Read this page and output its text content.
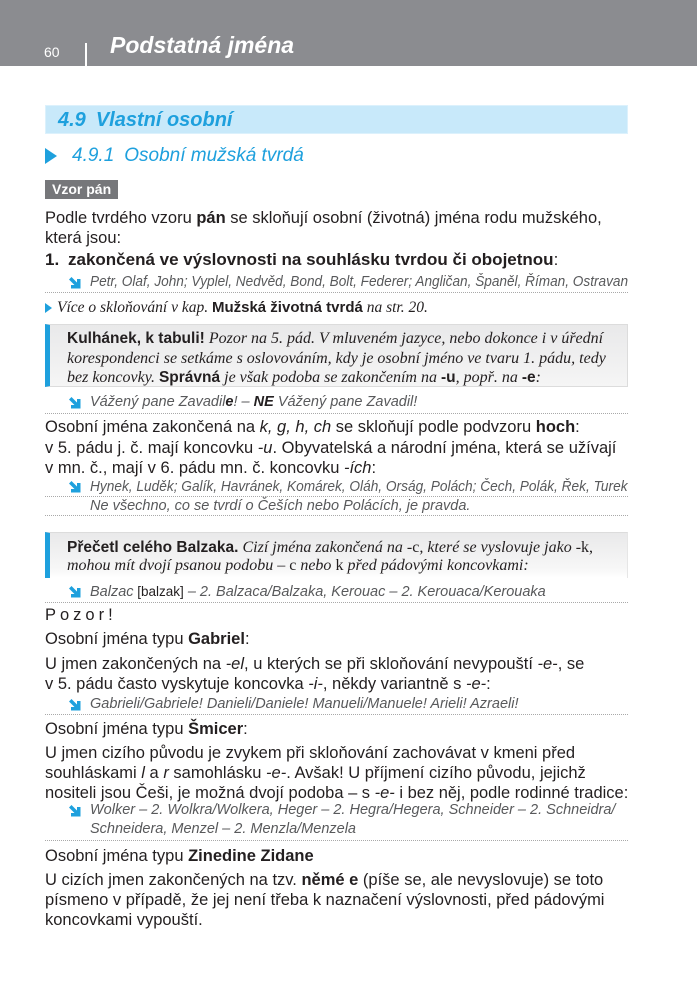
60 Podstatná jména
4.9 Vlastní osobní
4.9.1 Osobní mužská tvrdá
Vzor pán
Podle tvrdého vzoru pán se skloňují osobní (životná) jména rodu mužského,
která jsou:
1. zakončená ve výslovnosti na souhlásku tvrdou či obojetnou:
Petr, Olaf, John; Vyplel, Nedvěd, Bond, Bolt, Federer; Angličan, Španěl, Říman, Ostravan
Více o skloňování v kap. Mužská životná tvrdá na str. 20.
Kulhánek, k tabuli! Pozor na 5. pád. V mluveném jazyce, nebo dokonce i v úřední
korespondenci se setkáme s oslovováním, kdy je osobní jméno ve tvaru 1. pádu, tedy
bez koncovky. Správná je však podoba se zakončením na -u, popř. na -e:
Vážený pane Zavadile! – NE Vážený pane Zavadil!
Osobní jména zakončená na k, g, h, ch se skloňují podle podvzoru hoch:
v 5. pádu j. č. mají koncovku -u. Obyvatelská a národní jména, která se užívají
v mn. č., mají v 6. pádu mn. č. koncovku -ích:
Hynek, Luděk; Galík, Havránek, Komárek, Oláh, Orság, Polách; Čech, Polák, Řek, Turek
Ne všechno, co se tvrdí o Češích nebo Polácích, je pravda.
Přečetl celého Balzaka. Cizí jména zakončená na -c, které se vyslovuje jako -k,
mohou mít dvojí psanou podobu – c nebo k před pádovými koncovkami:
Balzac [balzak] – 2. Balzaca/Balzaka, Kerouac – 2. Kerouaca/Kerouaka
Pozor!
Osobní jména typu Gabriel:
U jmen zakončených na -el, u kterých se při skloňování nevypouští -e-, se
v 5. pádu často vyskytuje koncovka -i-, někdy variantně s -e-:
Gabrieli/Gabriele! Danieli/Daniele! Manueli/Manuele! Arieli! Azraeli!
Osobní jména typu Šmicer:
U jmen cizího původu je zvykem při skloňování zachovávat v kmeni před
souhláskami l a r samohlásku -e-. Avšak! U příjmení cizího původu, jejichž
nositeli jsou Češi, je možná dvojí podoba – s -e- i bez něj, podle rodinné tradice:
Wolker – 2. Wolkra/Wolkera, Heger – 2. Hegra/Hegera, Schneider – 2. Schneidra/
Schneidera, Menzel – 2. Menzla/Menzela
Osobní jména typu Zinedine Zidane
U cizích jmen zakončených na tzv. němé e (píše se, ale nevyslovuje) se toto
písmeno v případě, že jej není třeba k naznačení výslovnosti, před pádovými
koncovkami vypouští.
